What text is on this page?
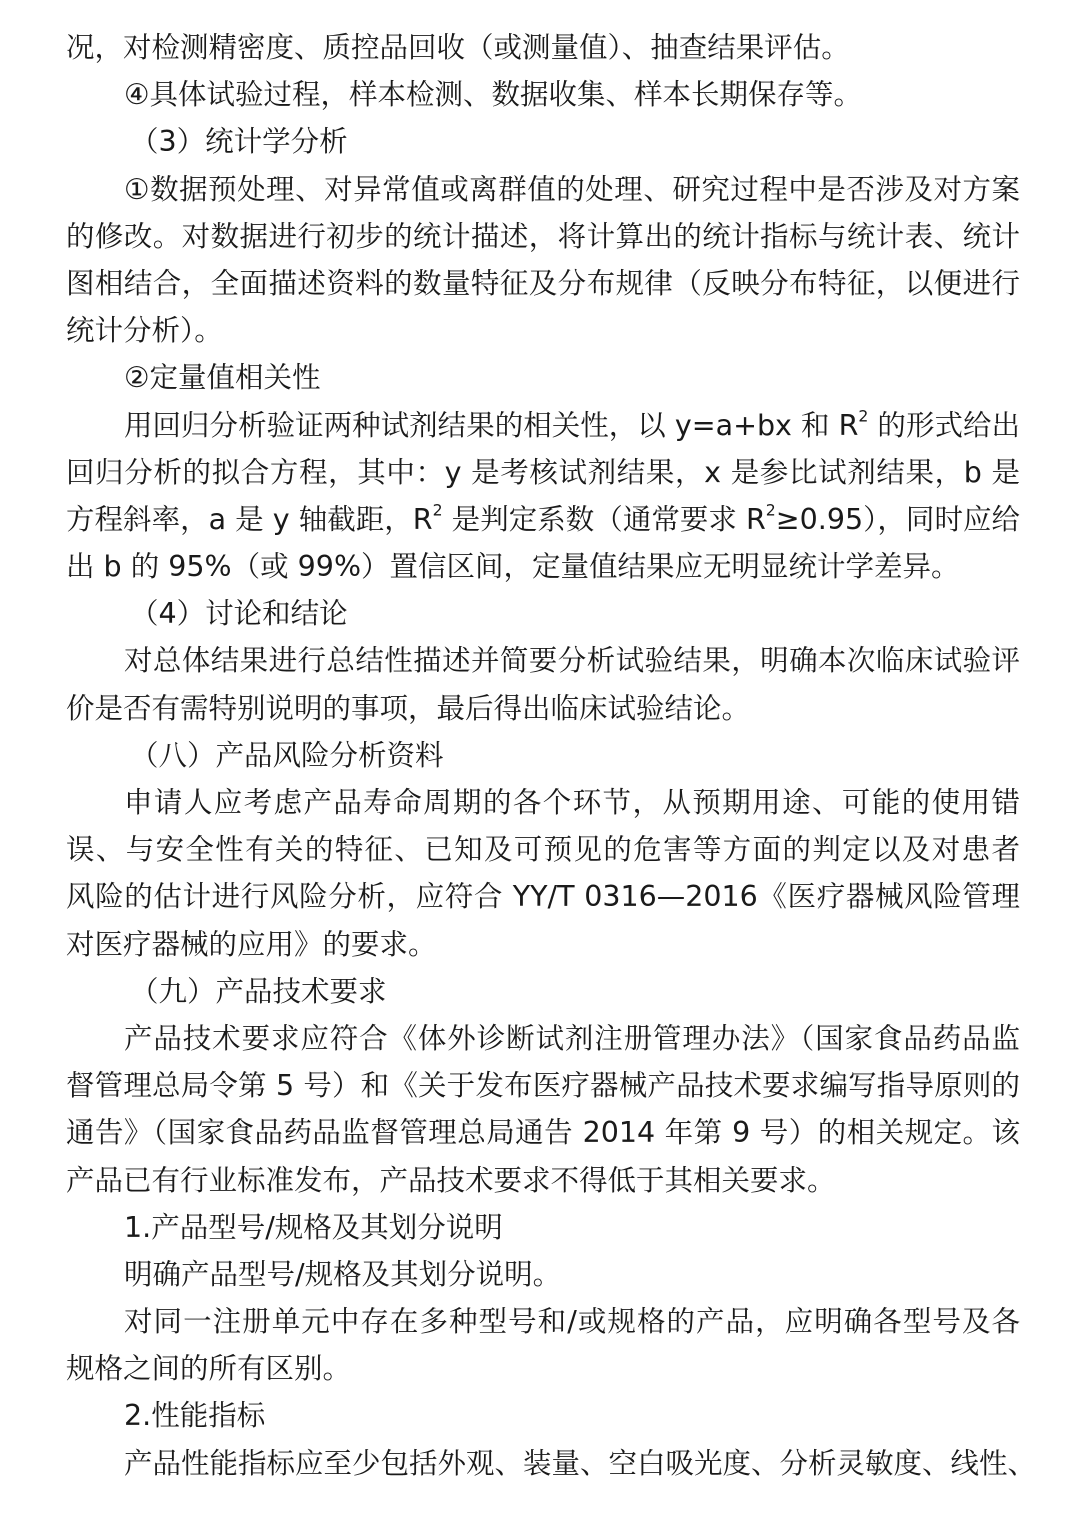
况，对检测精密度、质控品回收（或测量值）、抽查结果评估。
④具体试验过程，样本检测、数据收集、样本长期保存等。
（3）统计学分析
①数据预处理、对异常值或离群值的处理、研究过程中是否涉及对方案
的修改。对数据进行初步的统计描述，将计算出的统计指标与统计表、统计
图相结合，全面描述资料的数量特征及分布规律（反映分布特征，以便进行
统计分析）。
②定量值相关性
用回归分析验证两种试剂结果的相关性，以 y=a+bx 和 $R^2$ 的形式给出
回归分析的拟合方程，其中：y 是考核试剂结果，x 是参比试剂结果，b 是
方程斜率，a 是 y 轴截距，$R^2$ 是判定系数（通常要求 $R^2\ge 0.95$），同时应给
出 b 的 95%（或 99%）置信区间，定量值结果应无明显统计学差异。
（4）讨论和结论
对总体结果进行总结性描述并简要分析试验结果，明确本次临床试验评
价是否有需特别说明的事项，最后得出临床试验结论。
（八）产品风险分析资料
申请人应考虑产品寿命周期的各个环节，从预期用途、可能的使用错
误、与安全性有关的特征、已知及可预见的危害等方面的判定以及对患者
风险的估计进行风险分析，应符合 YY/T 0316—2016《医疗器械风险管理
对医疗器械的应用》的要求。
（九）产品技术要求
产品技术要求应符合《体外诊断试剂注册管理办法》（国家食品药品监
督管理总局令第 5 号）和《关于发布医疗器械产品技术要求编写指导原则的
通告》（国家食品药品监督管理总局通告 2014 年第 9 号）的相关规定。该
产品已有行业标准发布，产品技术要求不得低于其相关要求。
1.产品型号/规格及其划分说明
明确产品型号/规格及其划分说明。
对同一注册单元中存在多种型号和/或规格的产品，应明确各型号及各
规格之间的所有区别。
2.性能指标
产品性能指标应至少包括外观、装量、空白吸光度、分析灵敏度、线性、
